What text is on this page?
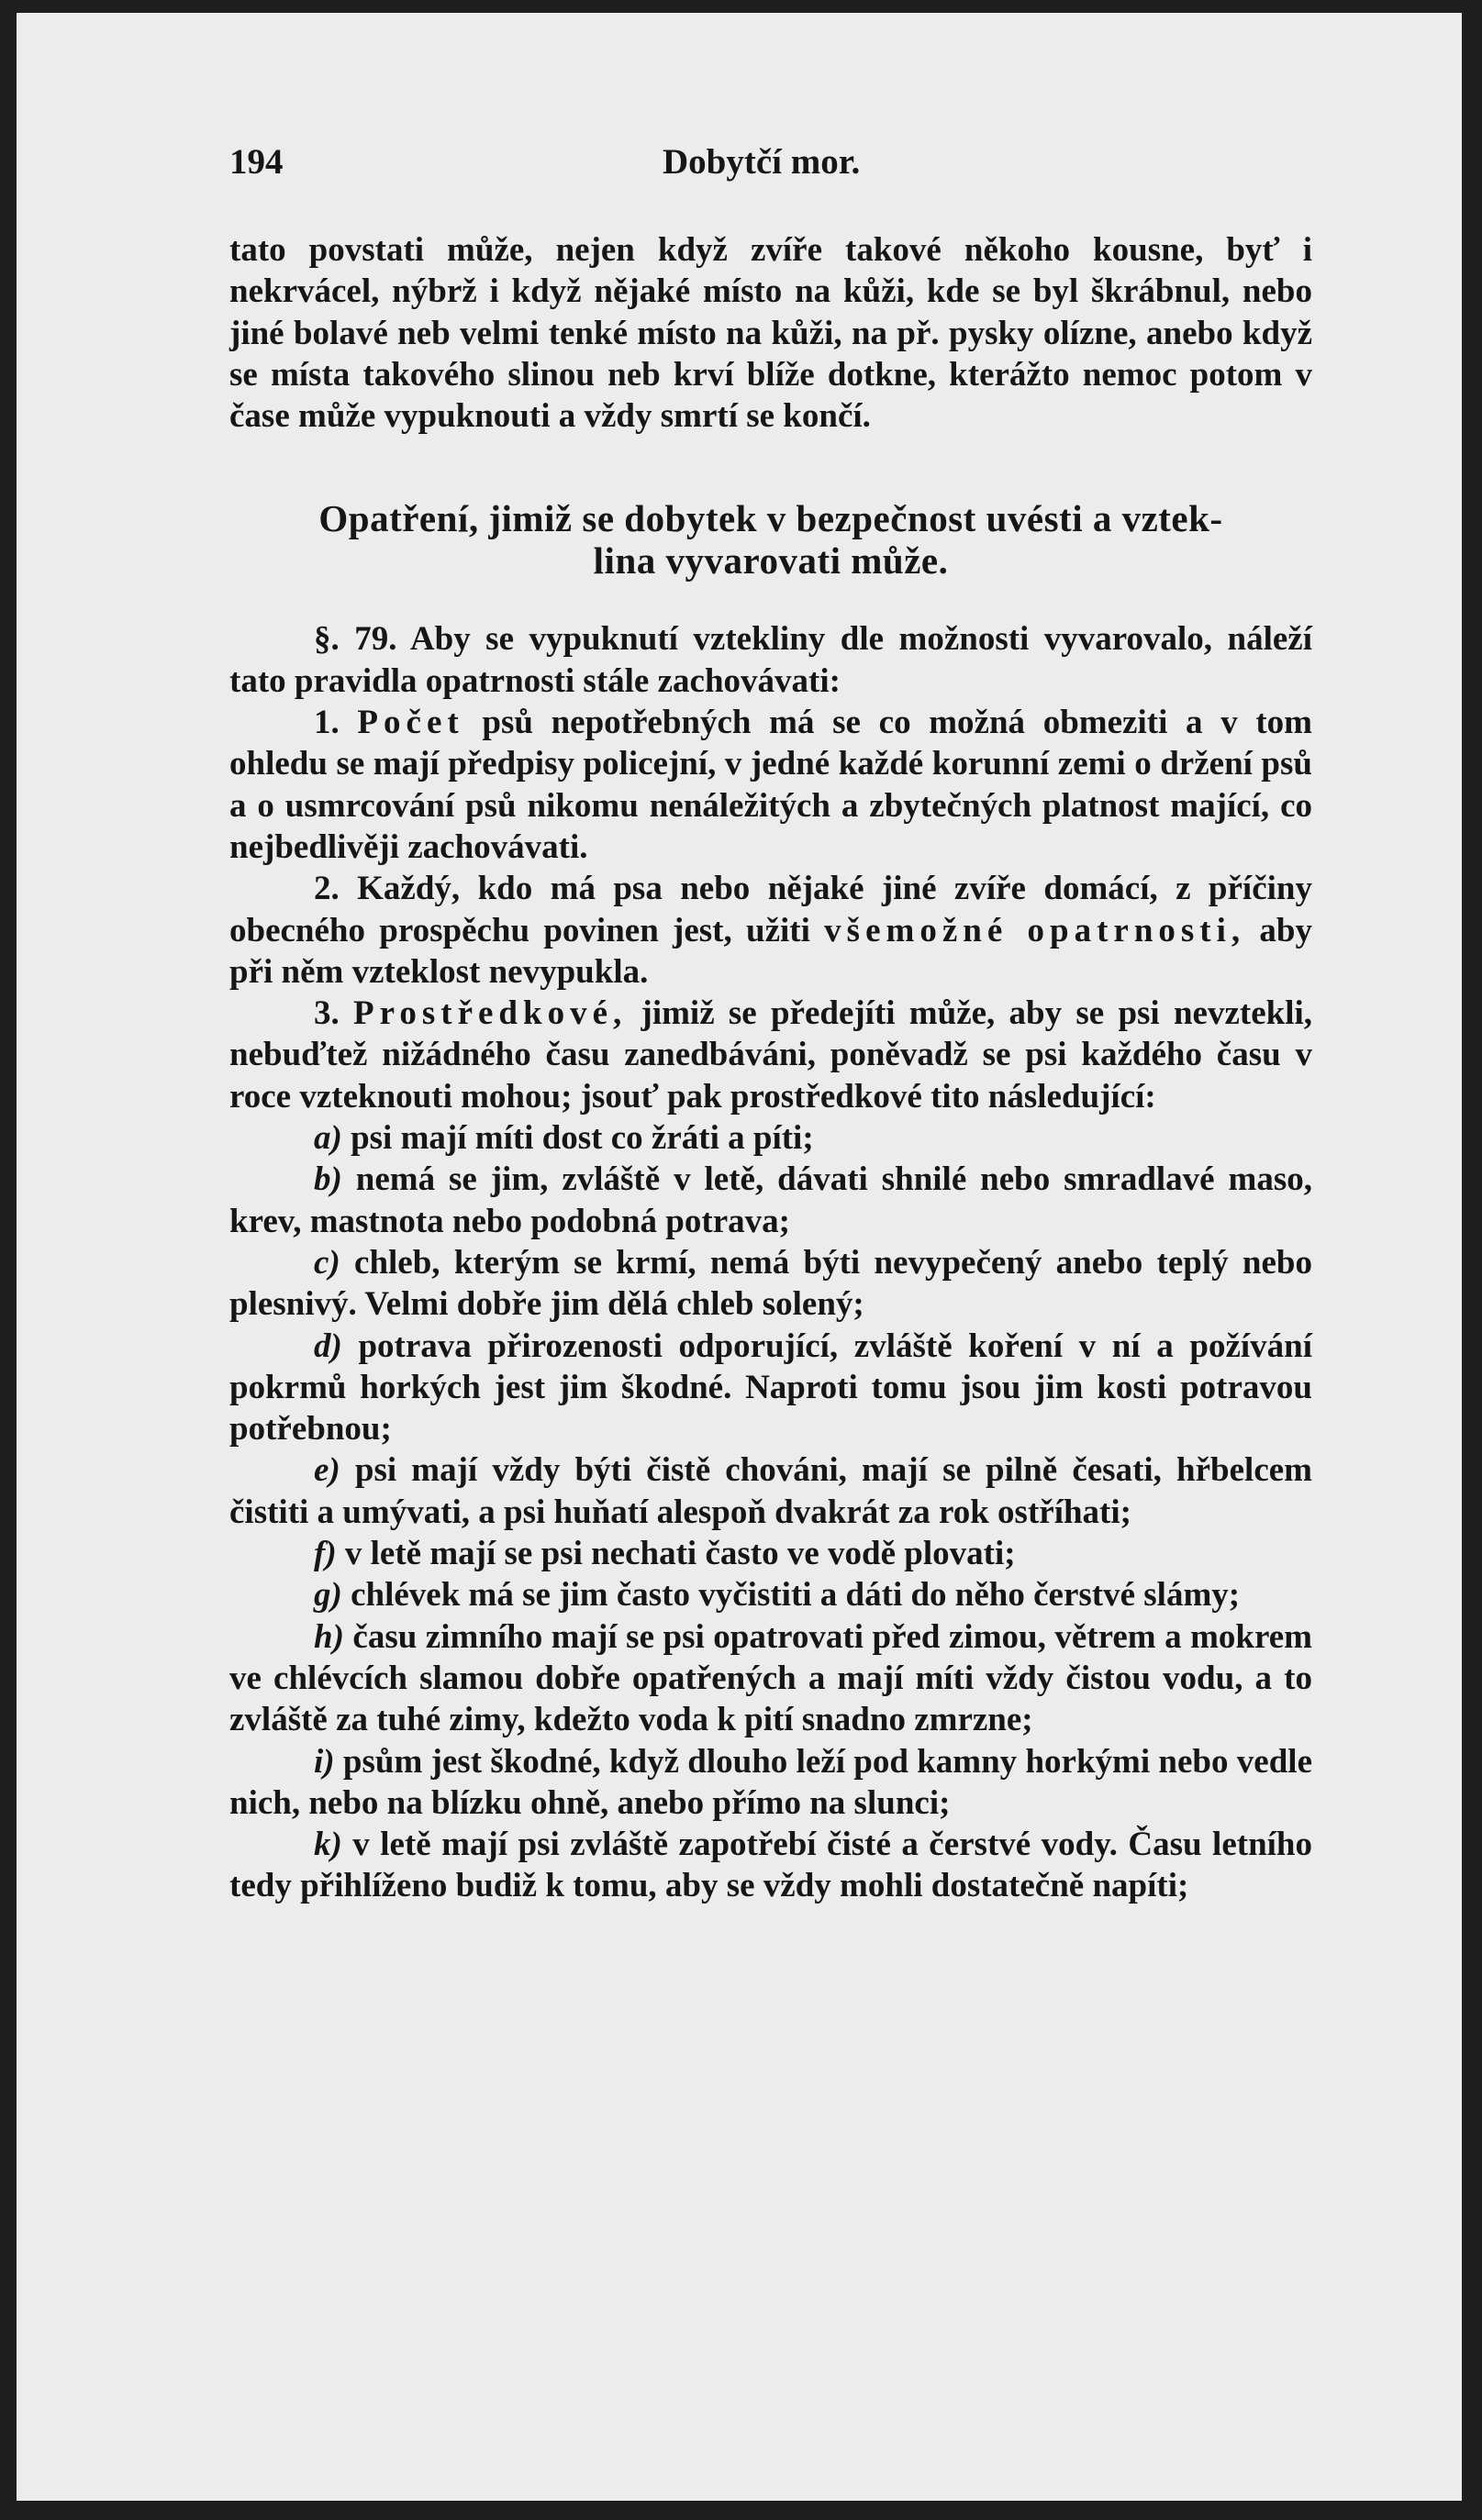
194	Dobytčí mor.

tato povstati může, nejen když zvíře takové někoho kousne, byť i nekrvácel, nýbrž i když nějaké místo na kůži, kde se byl škrábnul, nebo jiné bolavé neb velmi tenké místo na kůži, na př. pysky olízne, anebo když se místa takového slinou neb krví blíže dotkne, kterážto nemoc potom v čase může vypuknouti a vždy smrtí se končí.

Opatření, jimiž se dobytek v bezpečnost uvésti a vztek-
lina vyvarovati může.

§. 79. Aby se vypuknutí vztekliny dle možnosti vyvarovalo, náleží tato pravidla opatrnosti stále zachovávati:

1. Počet psů nepotřebných má se co možná obmeziti a v tom ohledu se mají předpisy policejní, v jedné každé korunní zemi o držení psů a o usmrcování psů nikomu nenáležitých a zbytečných platnost mající, co nejbedlivěji zachovávati.

2. Každý, kdo má psa nebo nějaké jiné zvíře domácí, z příčiny obecného prospěchu povinen jest, užiti všemožné opatrnosti, aby při něm vzteklost nevypukla.

3. Prostředkové, jimiž se předejíti může, aby se psi nevztekli, nebuďtež nižádného času zanedbáváni, poněvadž se psi každého času v roce vzteknouti mohou; jsouť pak prostředkové tito následující:

a) psi mají míti dost co žráti a píti;

b) nemá se jim, zvláště v letě, dávati shnilé nebo smradlavé maso, krev, mastnota nebo podobná potrava;

c) chleb, kterým se krmí, nemá býti nevypečený anebo teplý nebo plesnivý. Velmi dobře jim dělá chleb solený;

d) potrava přirozenosti odporující, zvláště koření v ní a požívání pokrmů horkých jest jim škodné. Naproti tomu jsou jim kosti potravou potřebnou;

e) psi mají vždy býti čistě chováni, mají se pilně česati, hřbelcem čistiti a umývati, a psi huňatí alespoň dvakrát za rok ostříhati;

f) v letě mají se psi nechati často ve vodě plovati;

g) chlévek má se jim často vyčistiti a dáti do něho čerstvé slámy;

h) času zimního mají se psi opatrovati před zimou, větrem a mokrem ve chlévcích slamou dobře opatřených a mají míti vždy čistou vodu, a to zvláště za tuhé zimy, kdežto voda k pití snadno zmrzne;

i) psům jest škodné, když dlouho leží pod kamny horkými nebo vedle nich, nebo na blízku ohně, anebo přímo na slunci;

k) v letě mají psi zvláště zapotřebí čisté a čerstvé vody. Času letního tedy přihlíženo budiž k tomu, aby se vždy mohli dostatečně napíti;
